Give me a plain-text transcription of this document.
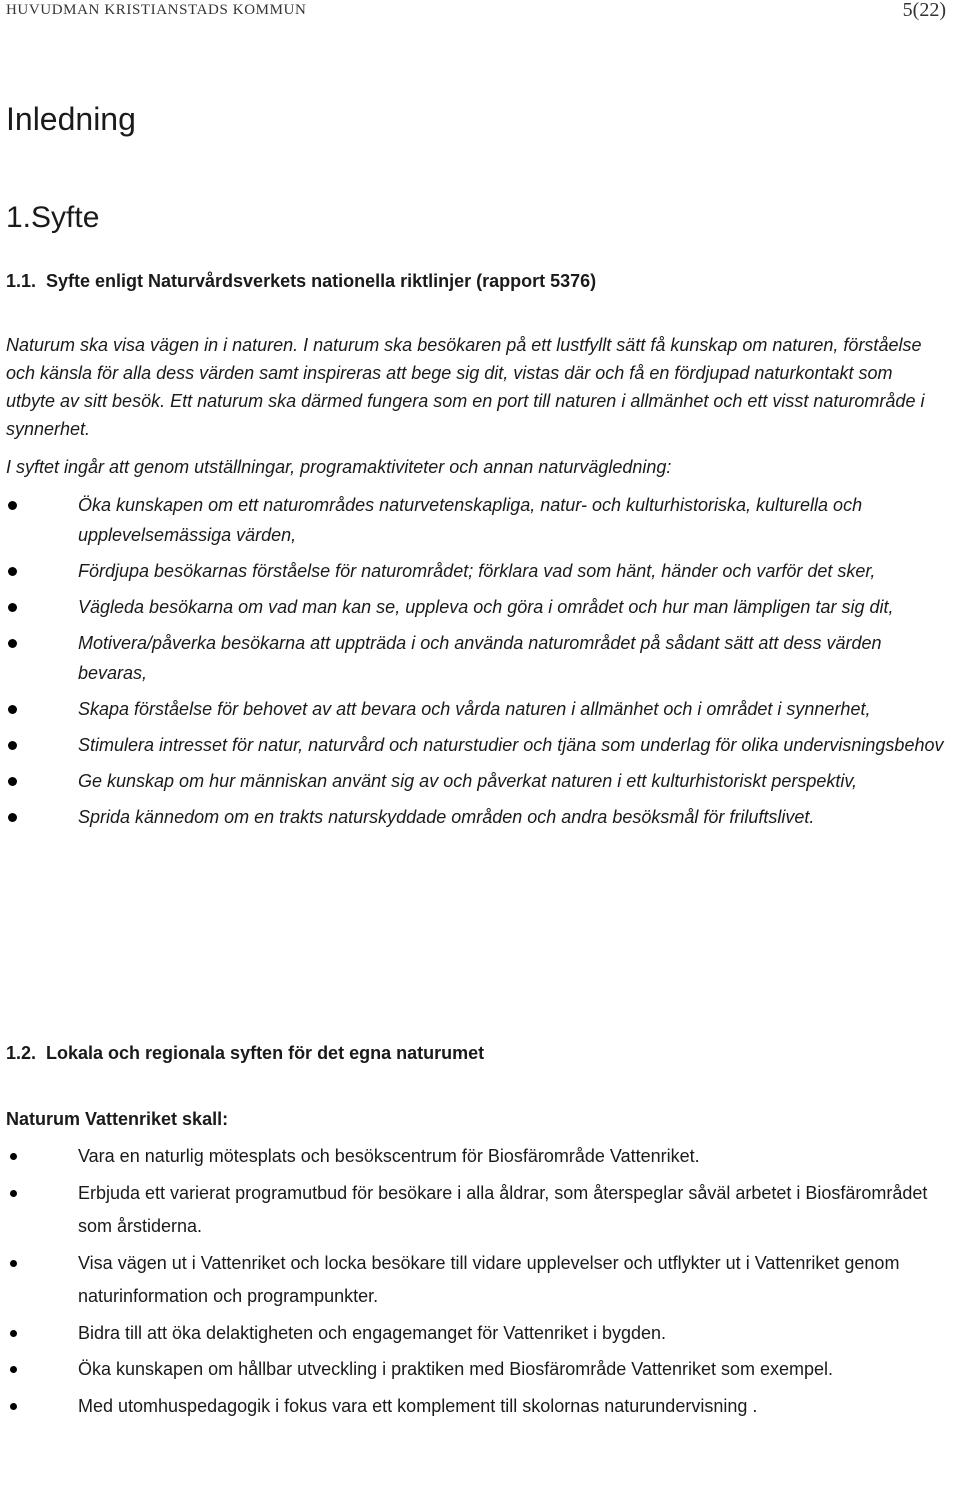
HUVUDMAN KRISTIANSTADS KOMMUN	5(22)
Inledning
1.Syfte
1.1. Syfte enligt Naturvårdsverkets nationella riktlinjer (rapport 5376)

Naturum ska visa vägen in i naturen. I naturum ska besökaren på ett lustfyllt sätt få kunskap om naturen, förståelse och känsla för alla dess värden samt inspireras att bege sig dit, vistas där och få en fördjupad naturkontakt som utbyte av sitt besök. Ett naturum ska därmed fungera som en port till naturen i allmänhet och ett visst naturområde i synnerhet.

I syftet ingår att genom utställningar, programaktiviteter och annan naturvägledning:

Öka kunskapen om ett naturområdes naturvetenskapliga, natur- och kulturhistoriska, kulturella och upplevelsemässiga värden,
Fördjupa besökarnas förståelse för naturområdet; förklara vad som hänt, händer och varför det sker,
Vägleda besökarna om vad man kan se, uppleva och göra i området och hur man lämpligen tar sig dit,
Motivera/påverka besökarna att uppträda i och använda naturområdet på sådant sätt att dess värden bevaras,
Skapa förståelse för behovet av att bevara och vårda naturen i allmänhet och i området i synnerhet,
Stimulera intresset för natur, naturvård och naturstudier och tjäna som underlag för olika undervisningsbehov
Ge kunskap om hur människan använt sig av och påverkat naturen i ett kulturhistoriskt perspektiv,
Sprida kännedom om en trakts naturskyddade områden och andra besöksmål för friluftslivet.
1.2. Lokala och regionala syften för det egna naturumet
Naturum Vattenriket skall:
Vara en naturlig mötesplats och besökscentrum för Biosfärområde Vattenriket.
Erbjuda ett varierat programutbud för besökare i alla åldrar, som återspeglar såväl arbetet i Biosfärområdet som årstiderna.
Visa vägen ut i Vattenriket och locka besökare till vidare upplevelser och utflykter ut i Vattenriket genom naturinformation och programpunkter.
Bidra till att öka delaktigheten och engagemanget för Vattenriket i bygden.
Öka kunskapen om hållbar utveckling i praktiken med Biosfärområde Vattenriket som exempel.
Med utomhuspedagogik i fokus vara ett komplement till skolornas naturundervisning .
